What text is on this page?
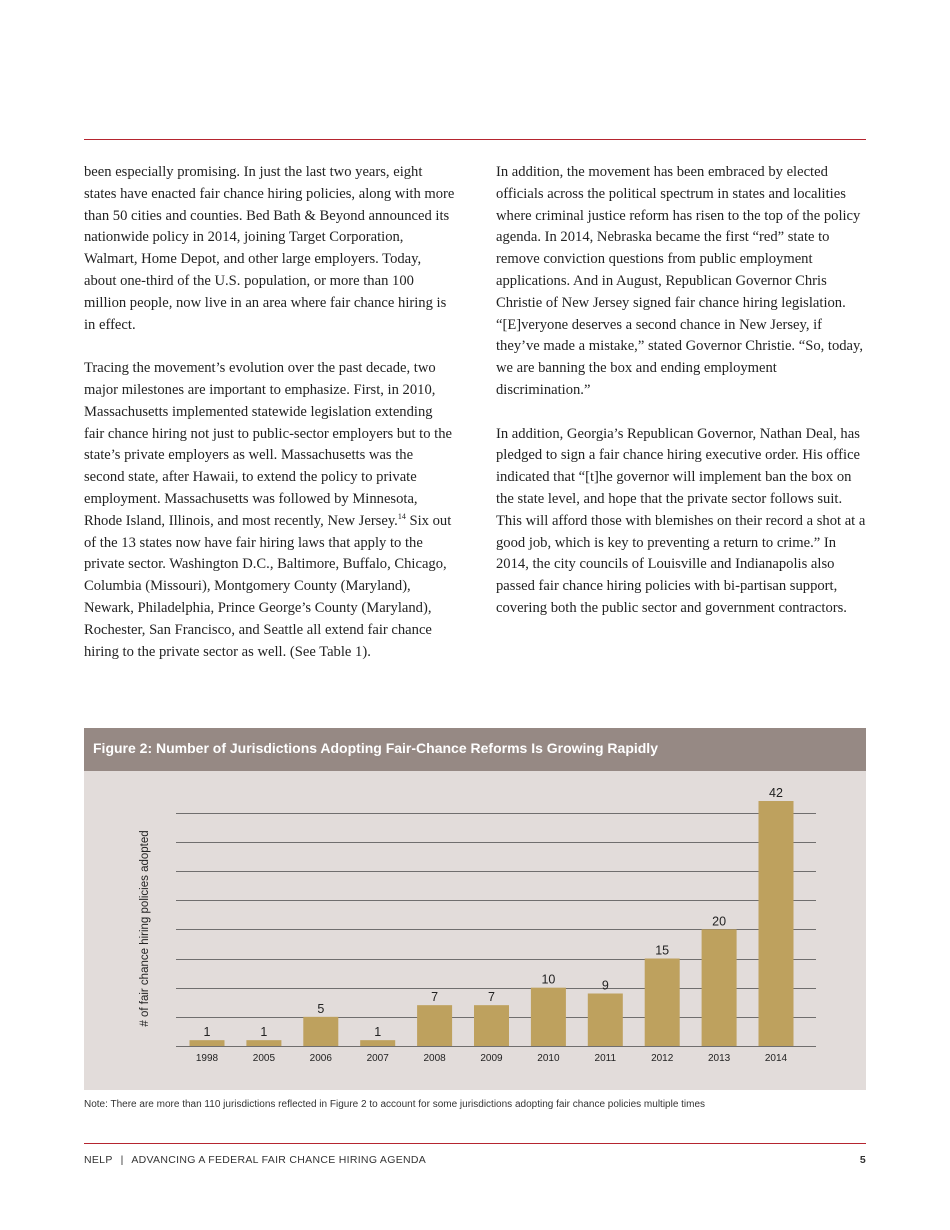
been especially promising. In just the last two years, eight states have enacted fair chance hiring policies, along with more than 50 cities and counties. Bed Bath & Beyond announced its nationwide policy in 2014, joining Target Corporation, Walmart, Home Depot, and other large employers. Today, about one-third of the U.S. population, or more than 100 million people, now live in an area where fair chance hiring is in effect.

Tracing the movement’s evolution over the past decade, two major milestones are important to emphasize. First, in 2010, Massachusetts implemented statewide legislation extending fair chance hiring not just to public-sector employers but to the state’s private employers as well. Massachusetts was the second state, after Hawaii, to extend the policy to private employment. Massachusetts was followed by Minnesota, Rhode Island, Illinois, and most recently, New Jersey.$^{14}$ Six out of the 13 states now have fair hiring laws that apply to the private sector. Washington D.C., Baltimore, Buffalo, Chicago, Columbia (Missouri), Montgomery County (Maryland), Newark, Philadelphia, Prince George’s County (Maryland), Rochester, San Francisco, and Seattle all extend fair chance hiring to the private sector as well. (See Table 1).

In addition, the movement has been embraced by elected officials across the political spectrum in states and localities where criminal justice reform has risen to the top of the policy agenda. In 2014, Nebraska became the first “red” state to remove conviction questions from public employment applications. And in August, Republican Governor Chris Christie of New Jersey signed fair chance hiring legislation. “[E]veryone deserves a second chance in New Jersey, if they’ve made a mistake,” stated Governor Christie. “So, today, we are banning the box and ending employment discrimination.”

In addition, Georgia’s Republican Governor, Nathan Deal, has pledged to sign a fair chance hiring executive order. His office indicated that “[t]he governor will implement ban the box on the state level, and hope that the private sector follows suit. This will afford those with blemishes on their record a shot at a good job, which is key to preventing a return to crime.” In 2014, the city councils of Louisville and Indianapolis also passed fair chance hiring policies with bi-partisan support, covering both the public sector and government contractors.

Figure 2: Number of Jurisdictions Adopting Fair-Chance Reforms Is Growing Rapidly
1	1
5
1
7	7
10	9
15
20
42
1998	2005	2006	2007	2008	2009	2010	2011	2012	2013	2014
# of fair chance hiring policies adopted
Note: There are more than 110 jurisdictions reflected in Figure 2 to account for some jurisdictions adopting fair chance policies multiple times
NELP | ADVANCING A FEDERAL FAIR CHANCE HIRING AGENDA	5
